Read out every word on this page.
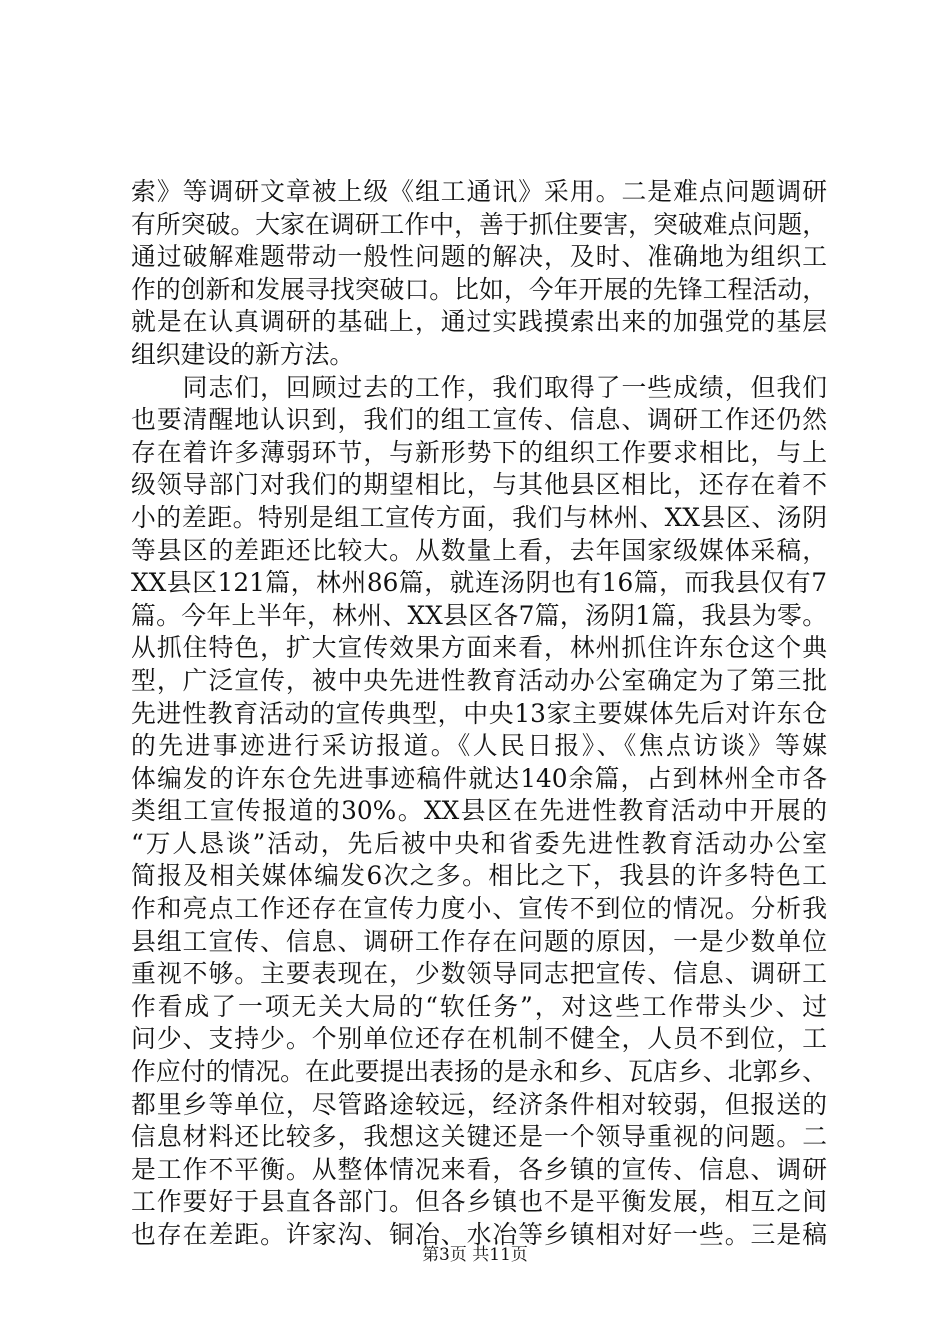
索》等调研文章被上级《组工通讯》采用。二是难点问题调研
有所突破。大家在调研工作中，善于抓住要害，突破难点问题，
通过破解难题带动一般性问题的解决，及时、准确地为组织工
作的创新和发展寻找突破口。比如，今年开展的先锋工程活动，
就是在认真调研的基础上，通过实践摸索出来的加强党的基层
组织建设的新方法。
　　同志们，回顾过去的工作，我们取得了一些成绩，但我们
也要清醒地认识到，我们的组工宣传、信息、调研工作还仍然
存在着许多薄弱环节，与新形势下的组织工作要求相比，与上
级领导部门对我们的期望相比，与其他县区相比，还存在着不
小的差距。特别是组工宣传方面，我们与林州、XX县区、汤阴
等县区的差距还比较大。从数量上看，去年国家级媒体采稿，
XX县区121篇，林州86篇，就连汤阴也有16篇，而我县仅有7
篇。今年上半年，林州、XX县区各7篇，汤阴1篇，我县为零。
从抓住特色，扩大宣传效果方面来看，林州抓住许东仓这个典
型，广泛宣传，被中央先进性教育活动办公室确定为了第三批
先进性教育活动的宣传典型，中央13家主要媒体先后对许东仓
的先进事迹进行采访报道。《人民日报》、《焦点访谈》等媒
体编发的许东仓先进事迹稿件就达140余篇，占到林州全市各
类组工宣传报道的30%。XX县区在先进性教育活动中开展的
“万人恳谈”活动，先后被中央和省委先进性教育活动办公室
简报及相关媒体编发6次之多。相比之下，我县的许多特色工
作和亮点工作还存在宣传力度小、宣传不到位的情况。分析我
县组工宣传、信息、调研工作存在问题的原因，一是少数单位
重视不够。主要表现在，少数领导同志把宣传、信息、调研工
作看成了一项无关大局的“软任务”，对这些工作带头少、过
问少、支持少。个别单位还存在机制不健全，人员不到位，工
作应付的情况。在此要提出表扬的是永和乡、瓦店乡、北郭乡、
都里乡等单位，尽管路途较远，经济条件相对较弱，但报送的
信息材料还比较多，我想这关键还是一个领导重视的问题。二
是工作不平衡。从整体情况来看，各乡镇的宣传、信息、调研
工作要好于县直各部门。但各乡镇也不是平衡发展，相互之间
也存在差距。许家沟、铜冶、水冶等乡镇相对好一些。三是稿
第3页 共11页
